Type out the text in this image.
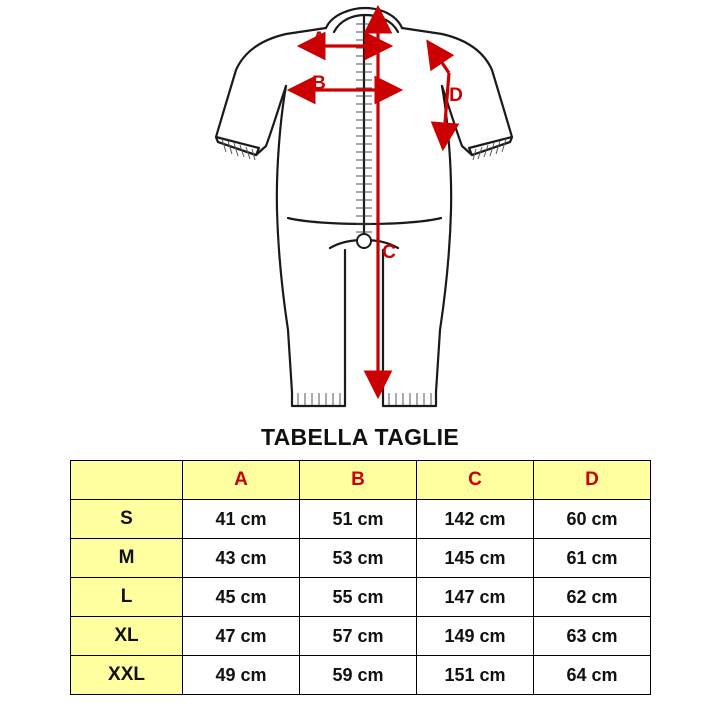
A
B
C
D
TABELLA TAGLIE
	A	B	C	D
S	41 cm	51 cm	142 cm	60 cm
M	43 cm	53 cm	145 cm	61 cm
L	45 cm	55 cm	147 cm	62 cm
XL	47 cm	57 cm	149 cm	63 cm
XXL	49 cm	59 cm	151 cm	64 cm
